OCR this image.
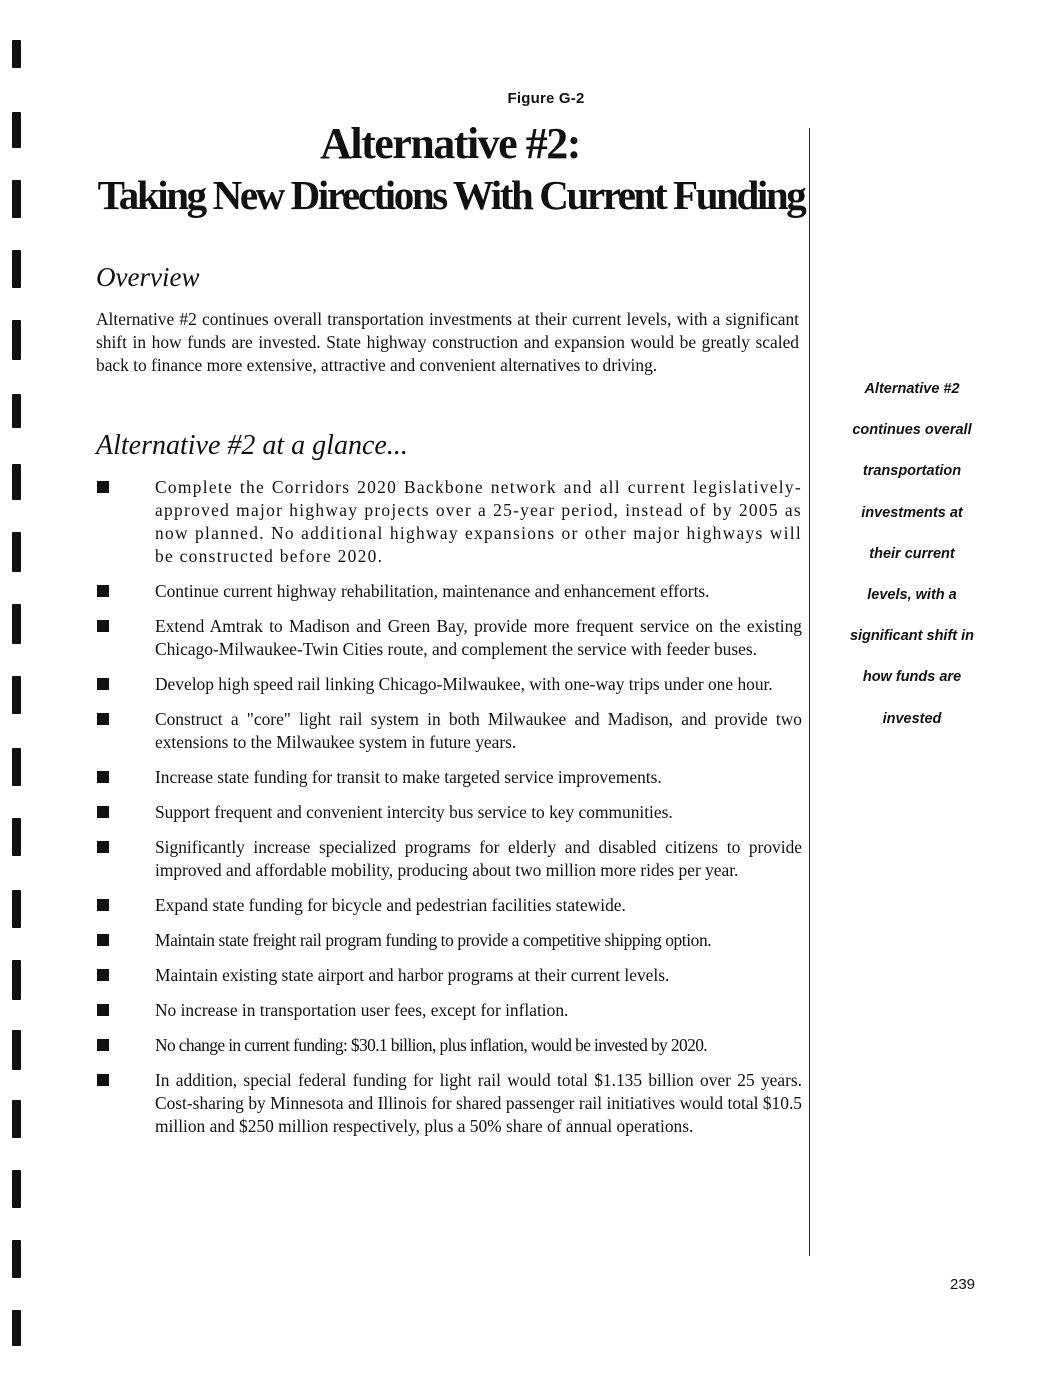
Figure G-2
Alternative #2:
Taking New Directions With Current Funding
Overview

Alternative #2 continues overall transportation investments at their current levels, with a significant shift in how funds are invested. State highway construction and expansion would be greatly scaled back to finance more extensive, attractive and convenient alternatives to driving.

Alternative #2 at a glance...
Complete the Corridors 2020 Backbone network and all current legislatively-approved major highway projects over a 25-year period, instead of by 2005 as now planned. No additional highway expansions or other major highways will be constructed before 2020.
Continue current highway rehabilitation, maintenance and enhancement efforts.
Extend Amtrak to Madison and Green Bay, provide more frequent service on the existing Chicago-Milwaukee-Twin Cities route, and complement the service with feeder buses.
Develop high speed rail linking Chicago-Milwaukee, with one-way trips under one hour.
Construct a "core" light rail system in both Milwaukee and Madison, and provide two extensions to the Milwaukee system in future years.
Increase state funding for transit to make targeted service improvements.
Support frequent and convenient intercity bus service to key communities.
Significantly increase specialized programs for elderly and disabled citizens to provide improved and affordable mobility, producing about two million more rides per year.
Expand state funding for bicycle and pedestrian facilities statewide.
Maintain state freight rail program funding to provide a competitive shipping option.
Maintain existing state airport and harbor programs at their current levels.
No increase in transportation user fees, except for inflation.
No change in current funding: $30.1 billion, plus inflation, would be invested by 2020.
In addition, special federal funding for light rail would total $1.135 billion over 25 years. Cost-sharing by Minnesota and Illinois for shared passenger rail initiatives would total $10.5 million and $250 million respectively, plus a 50% share of annual operations.
Alternative #2
continues overall
transportation
investments at
their current
levels, with a
significant shift in
how funds are
invested
239
